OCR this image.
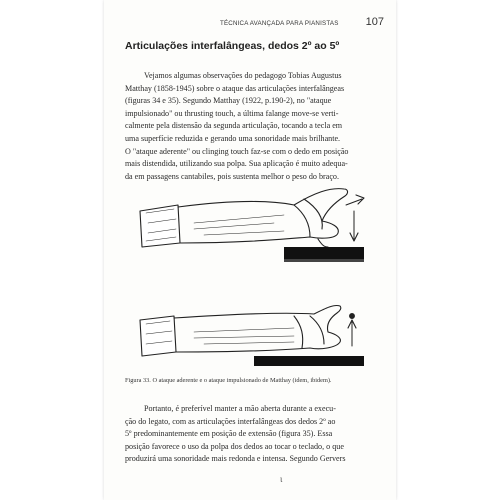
TÉCNICA AVANÇADA PARA PIANISTAS 107
Articulações interfalângeas, dedos 2º ao 5º
Vejamos algumas observações do pedagogo Tobias Augustus
Matthay (1858-1945) sobre o ataque das articulações interfalângeas
(figuras 34 e 35). Segundo Matthay (1922, p.190-2), no "ataque
impulsionado" ou thrusting touch, a última falange move-se verti-
calmente pela distensão da segunda articulação, tocando a tecla em
uma superfície reduzida e gerando uma sonoridade mais brilhante.
O "ataque aderente" ou clinging touch faz-se com o dedo em posição
mais distendida, utilizando sua polpa. Sua aplicação é muito adequa-
da em passagens cantabiles, pois sustenta melhor o peso do braço.
Figura 33. O ataque aderente e o ataque impulsionado de Matthay (idem, ibidem).
Portanto, é preferível manter a mão aberta durante a execu-
ção do legato, com as articulações interfalângeas dos dedos 2º ao
5º predominantemente em posição de extensão (figura 35). Essa
posição favorece o uso da polpa dos dedos ao tocar o teclado, o que
produzirá uma sonoridade mais redonda e intensa. Segundo Gervers
ι
